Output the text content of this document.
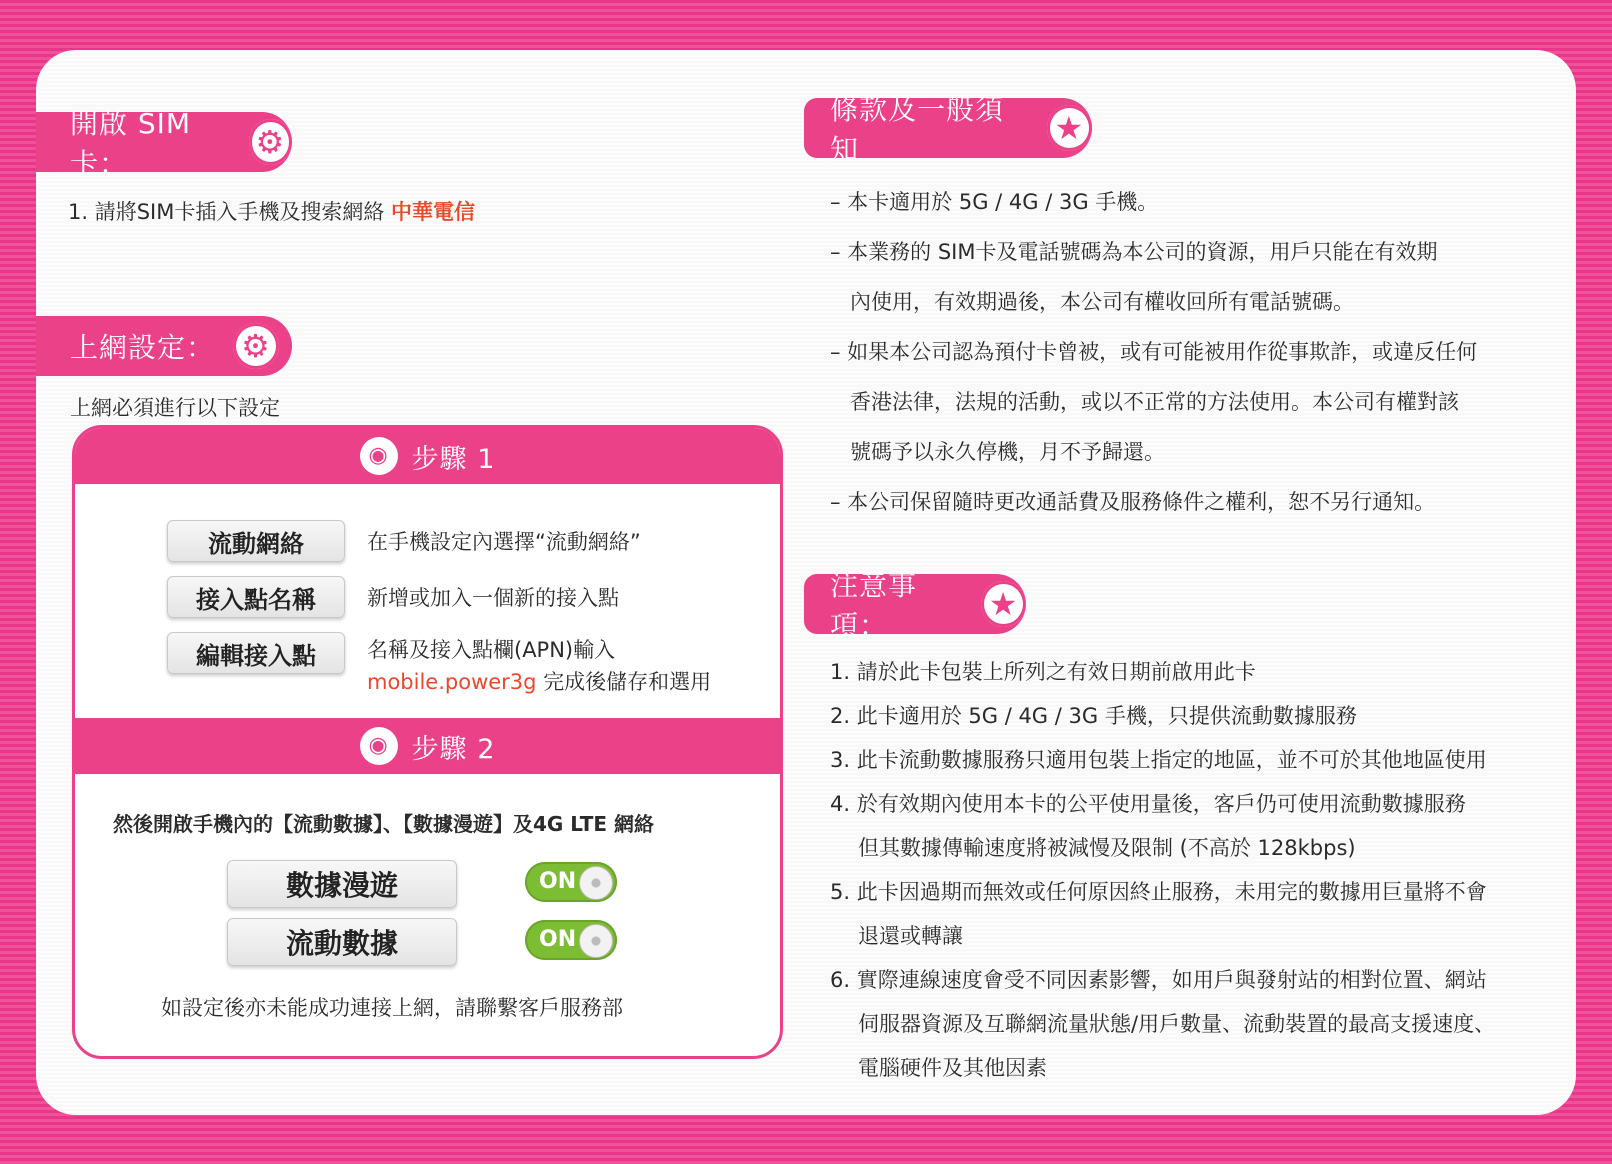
開啟 SIM卡：
⚙
1. 請將SIM卡插入手機及搜索網絡 中華電信
上網設定： ⚙
上網必須進行以下設定
◉ 步驟 1
流動網絡	在手機設定內選擇“流動網絡”
接入點名稱	新增或加入一個新的接入點
編輯接入點	名稱及接入點欄(APN)輸入
mobile.power3g 完成後儲存和選用
◉ 步驟 2
然後開啟手機內的【流動數據】、【數據漫遊】及4G LTE 網絡
數據漫遊	ON
流動數據	ON
如設定後亦未能成功連接上網，請聯繫客戶服務部
條款及一般須知
★
– 本卡適用於 5G / 4G / 3G 手機。
– 本業務的 SIM卡及電話號碼為本公司的資源，用戶只能在有效期
內使用，有效期過後，本公司有權收回所有電話號碼。
– 如果本公司認為預付卡曾被，或有可能被用作從事欺詐，或違反任何
香港法律，法規的活動，或以不正常的方法使用。本公司有權對該
號碼予以永久停機，月不予歸還。
– 本公司保留隨時更改通話費及服務條件之權利，恕不另行通知。
注意事項：
★
1. 請於此卡包裝上所列之有效日期前啟用此卡
2. 此卡適用於 5G / 4G / 3G 手機，只提供流動數據服務
3. 此卡流動數據服務只適用包裝上指定的地區，並不可於其他地區使用
4. 於有效期內使用本卡的公平使用量後，客戶仍可使用流動數據服務
但其數據傳輸速度將被減慢及限制 (不高於 128kbps)
5. 此卡因過期而無效或任何原因終止服務，未用完的數據用巨量將不會
退還或轉讓
6. 實際連線速度會受不同因素影響，如用戶與發射站的相對位置、網站
伺服器資源及互聯網流量狀態/用戶數量、流動裝置的最高支援速度、
電腦硬件及其他因素
